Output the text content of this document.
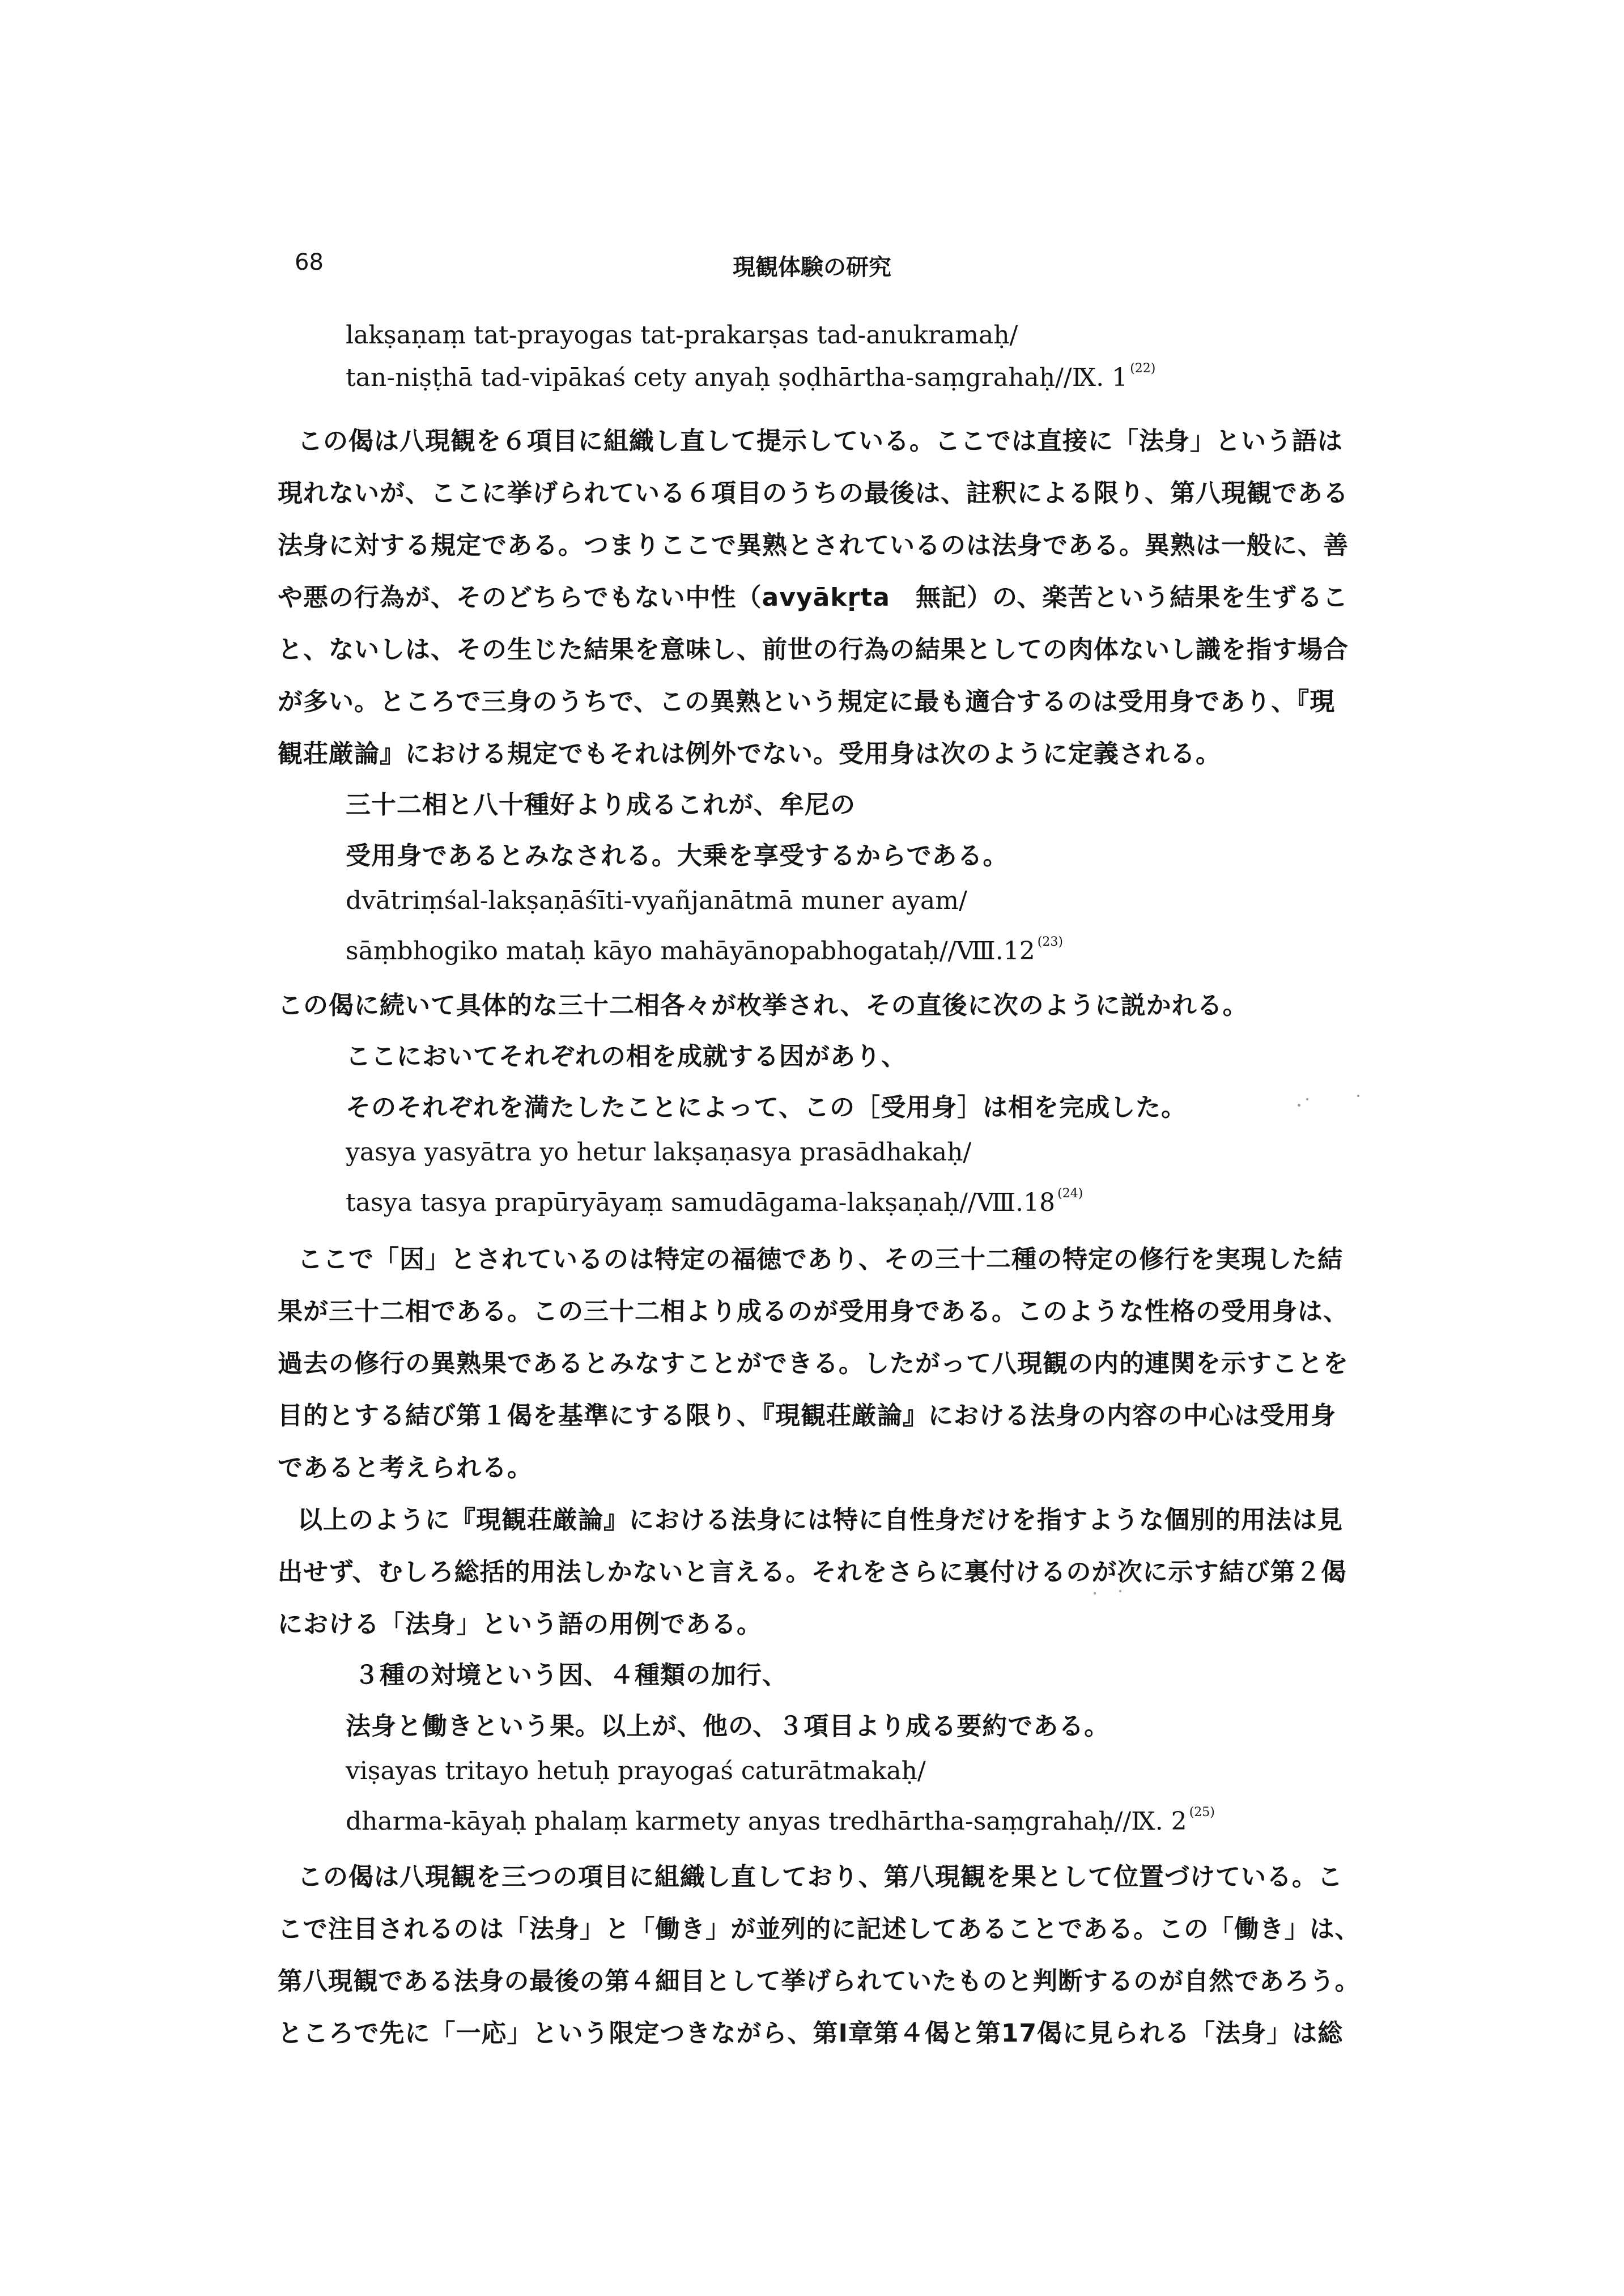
68	現観体験の研究
lakṣaṇaṃ tat-prayogas tat-prakarṣas tad-anukramaḥ/
tan-niṣṭhā tad-vipākaś cety anyaḥ ṣoḍhārtha-saṃgrahaḥ//Ⅸ. 1 $^{(22)}$
この偈は八現観を６項目に組織し直して提示している。ここでは直接に「法身」という語は
現れないが、ここに挙げられている６項目のうちの最後は、註釈による限り、第八現観である
法身に対する規定である。つまりここで異熟とされているのは法身である。異熟は一般に、善
や悪の行為が、そのどちらでもない中性（avyākṛta　無記）の、楽苦という結果を生ずるこ
と、ないしは、その生じた結果を意味し、前世の行為の結果としての肉体ないし識を指す場合
が多い。ところで三身のうちで、この異熟という規定に最も適合するのは受用身であり、『現
観荘厳論』における規定でもそれは例外でない。受用身は次のように定義される。
三十二相と八十種好より成るこれが、牟尼の
受用身であるとみなされる。大乗を享受するからである。
dvātriṃśal-lakṣaṇāśīti-vyañjanātmā muner ayam/
sāṃbhogiko mataḥ kāyo mahāyānopabhogataḥ//Ⅷ.12 $^{(23)}$
この偈に続いて具体的な三十二相各々が枚挙され、その直後に次のように説かれる。
ここにおいてそれぞれの相を成就する因があり、
そのそれぞれを満たしたことによって、この［受用身］は相を完成した。
yasya yasyātra yo hetur lakṣaṇasya prasādhakaḥ/
tasya tasya prapūryāyaṃ samudāgama-lakṣaṇaḥ//Ⅷ.18 $^{(24)}$
ここで「因」とされているのは特定の福徳であり、その三十二種の特定の修行を実現した結
果が三十二相である。この三十二相より成るのが受用身である。このような性格の受用身は、
過去の修行の異熟果であるとみなすことができる。したがって八現観の内的連関を示すことを
目的とする結び第１偈を基準にする限り、『現観荘厳論』における法身の内容の中心は受用身
であると考えられる。
以上のように『現観荘厳論』における法身には特に自性身だけを指すような個別的用法は見
出せず、むしろ総括的用法しかないと言える。それをさらに裏付けるのが次に示す結び第２偈
における「法身」という語の用例である。
３種の対境という因、４種類の加行、
法身と働きという果。以上が、他の、３項目より成る要約である。
viṣayas tritayo hetuḥ prayogaś caturātmakaḥ/
dharma-kāyaḥ phalaṃ karmety anyas tredhārtha-saṃgrahaḥ//Ⅸ. 2 $^{(25)}$
この偈は八現観を三つの項目に組織し直しており、第八現観を果として位置づけている。こ
こで注目されるのは「法身」と「働き」が並列的に記述してあることである。この「働き」は、
第八現観である法身の最後の第４細目として挙げられていたものと判断するのが自然であろう。
ところで先に「一応」という限定つきながら、第Ⅰ章第４偈と第17偈に見られる「法身」は総
